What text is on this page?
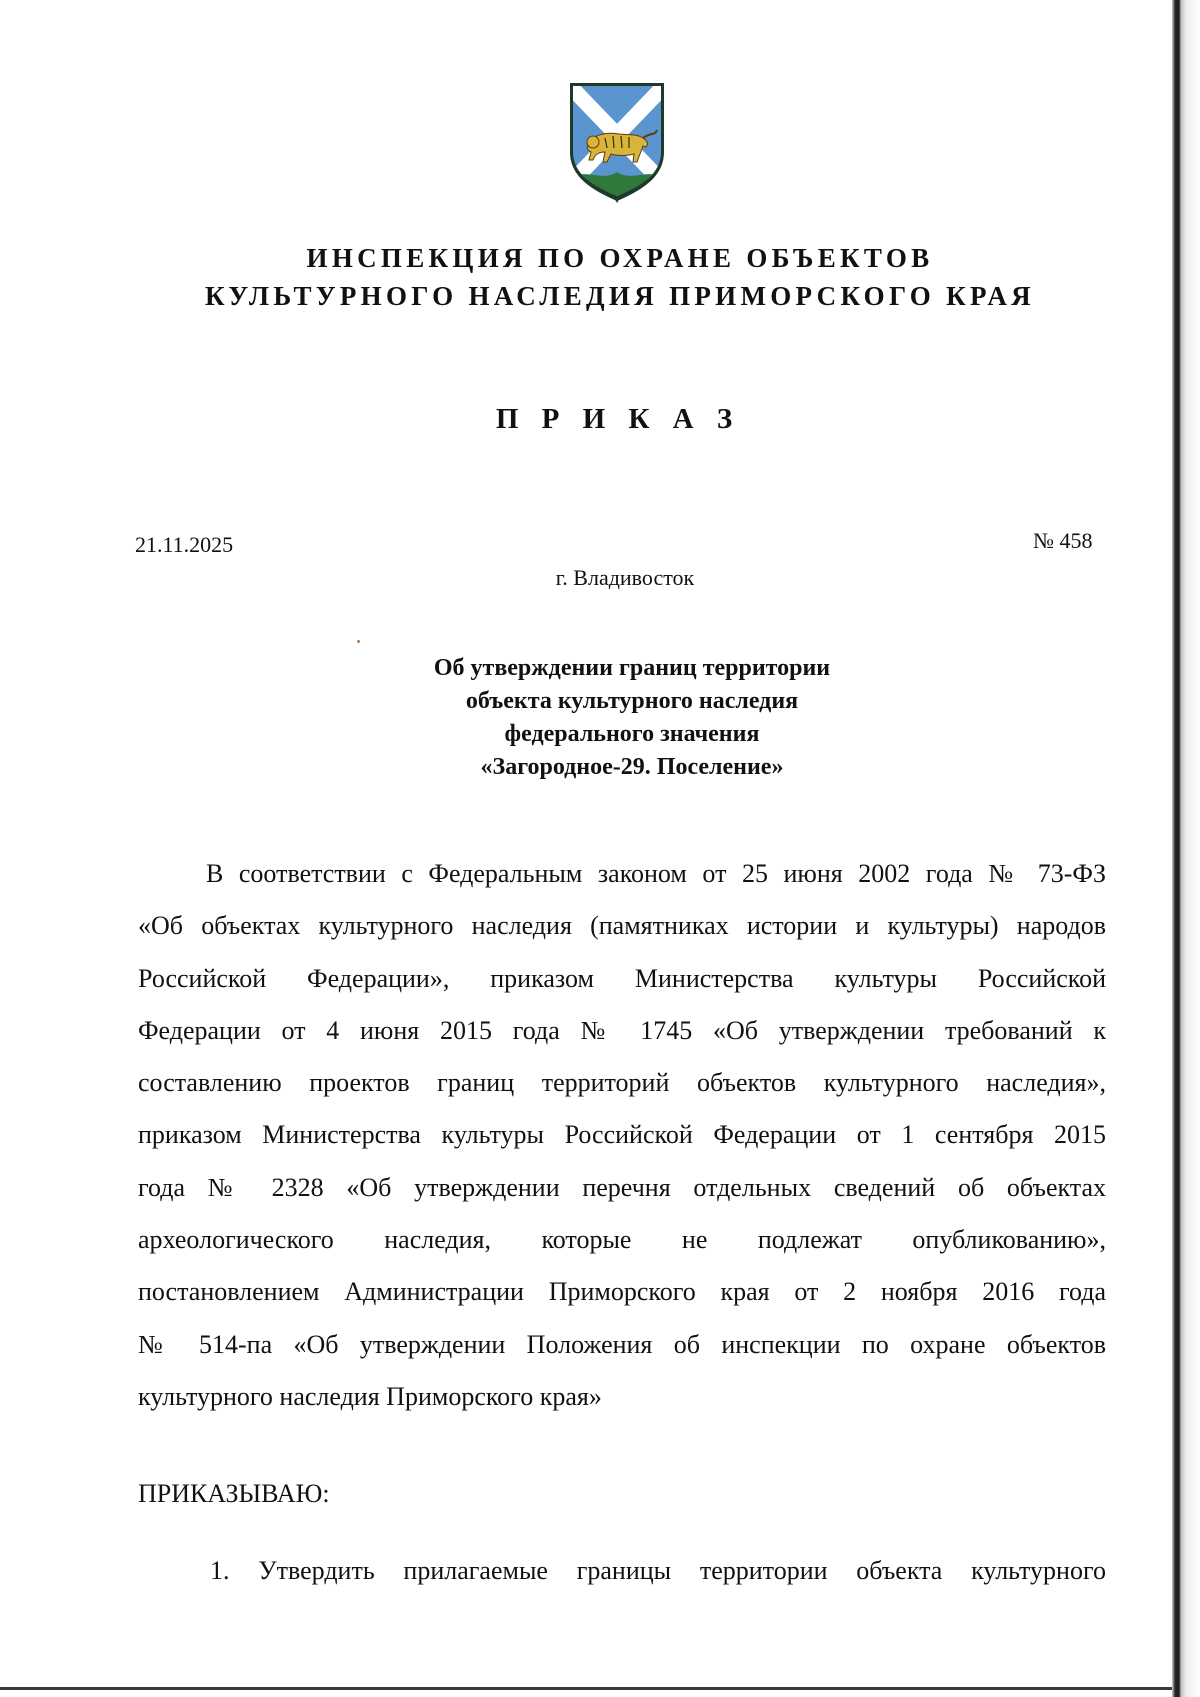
ИНСПЕКЦИЯ ПО ОХРАНЕ ОБЪЕКТОВ
КУЛЬТУРНОГО НАСЛЕДИЯ ПРИМОРСКОГО КРАЯ
П Р И К А З
21.11.2025	№ 458
г. Владивосток
Об утверждении границ территории
объекта культурного наследия
федерального значения
«Загородное-29. Поселение»
В соответствии с Федеральным законом от 25 июня 2002 года № 73-ФЗ
«Об объектах культурного наследия (памятниках истории и культуры) народов
Российской Федерации», приказом Министерства культуры Российской
Федерации от 4 июня 2015 года № 1745 «Об утверждении требований к
составлению проектов границ территорий объектов культурного наследия»,
приказом Министерства культуры Российской Федерации от 1 сентября 2015
года № 2328 «Об утверждении перечня отдельных сведений об объектах
археологического наследия, которые не подлежат опубликованию»,
постановлением Администрации Приморского края от 2 ноября 2016 года
№ 514-па «Об утверждении Положения об инспекции по охране объектов
культурного наследия Приморского края»
ПРИКАЗЫВАЮ:
1. Утвердить прилагаемые границы территории объекта культурного
